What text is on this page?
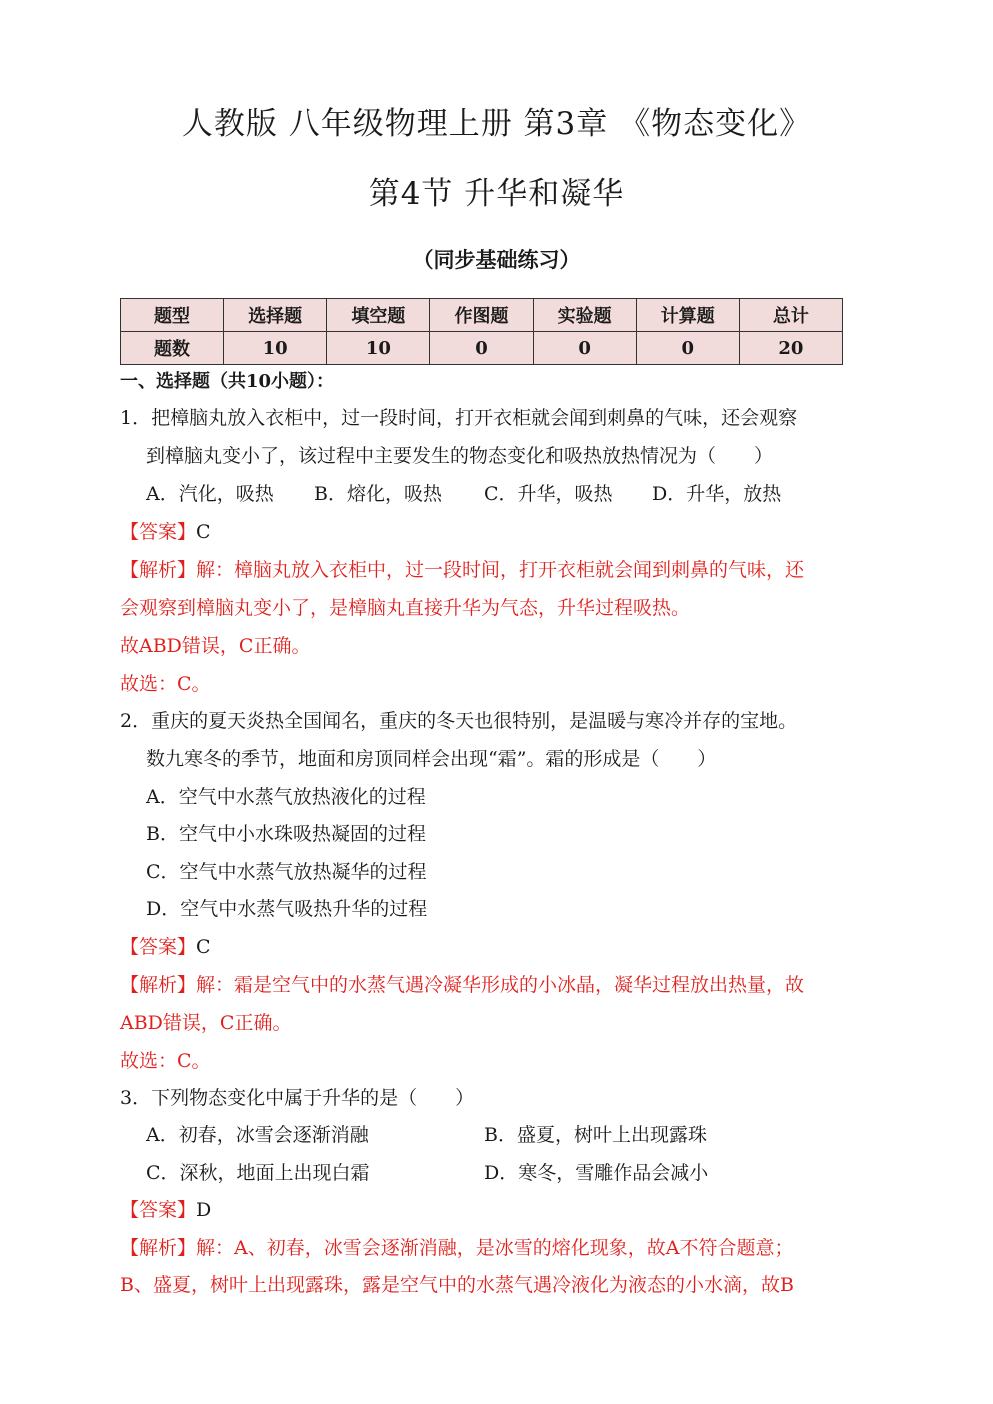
人教版 八年级物理上册 第3章 《物态变化》
第4节 升华和凝华
（同步基础练习）
题型	选择题	填空题	作图题	实验题	计算题	总计
题数	10	10	0	0	0	20
一、选择题（共10小题）：
1．把樟脑丸放入衣柜中，过一段时间，打开衣柜就会闻到刺鼻的气味，还会观察
到樟脑丸变小了，该过程中主要发生的物态变化和吸热放热情况为（　　）
A．汽化，吸热 B．熔化，吸热 C．升华，吸热 D．升华，放热
【答案】C
【解析】解：樟脑丸放入衣柜中，过一段时间，打开衣柜就会闻到刺鼻的气味，还
会观察到樟脑丸变小了，是樟脑丸直接升华为气态，升华过程吸热。
故ABD错误，C正确。
故选：C。
2．重庆的夏天炎热全国闻名，重庆的冬天也很特别，是温暖与寒冷并存的宝地。
数九寒冬的季节，地面和房顶同样会出现“霜”。霜的形成是（　　）
A．空气中水蒸气放热液化的过程
B．空气中小水珠吸热凝固的过程
C．空气中水蒸气放热凝华的过程
D．空气中水蒸气吸热升华的过程
【答案】C
【解析】解：霜是空气中的水蒸气遇冷凝华形成的小冰晶，凝华过程放出热量，故
ABD错误，C正确。
故选：C。
3．下列物态变化中属于升华的是（　　）
A．初春，冰雪会逐渐消融	B．盛夏，树叶上出现露珠
C．深秋，地面上出现白霜	D．寒冬，雪雕作品会减小
【答案】D
【解析】解：A、初春，冰雪会逐渐消融，是冰雪的熔化现象，故A不符合题意；
B、盛夏，树叶上出现露珠，露是空气中的水蒸气遇冷液化为液态的小水滴，故B
